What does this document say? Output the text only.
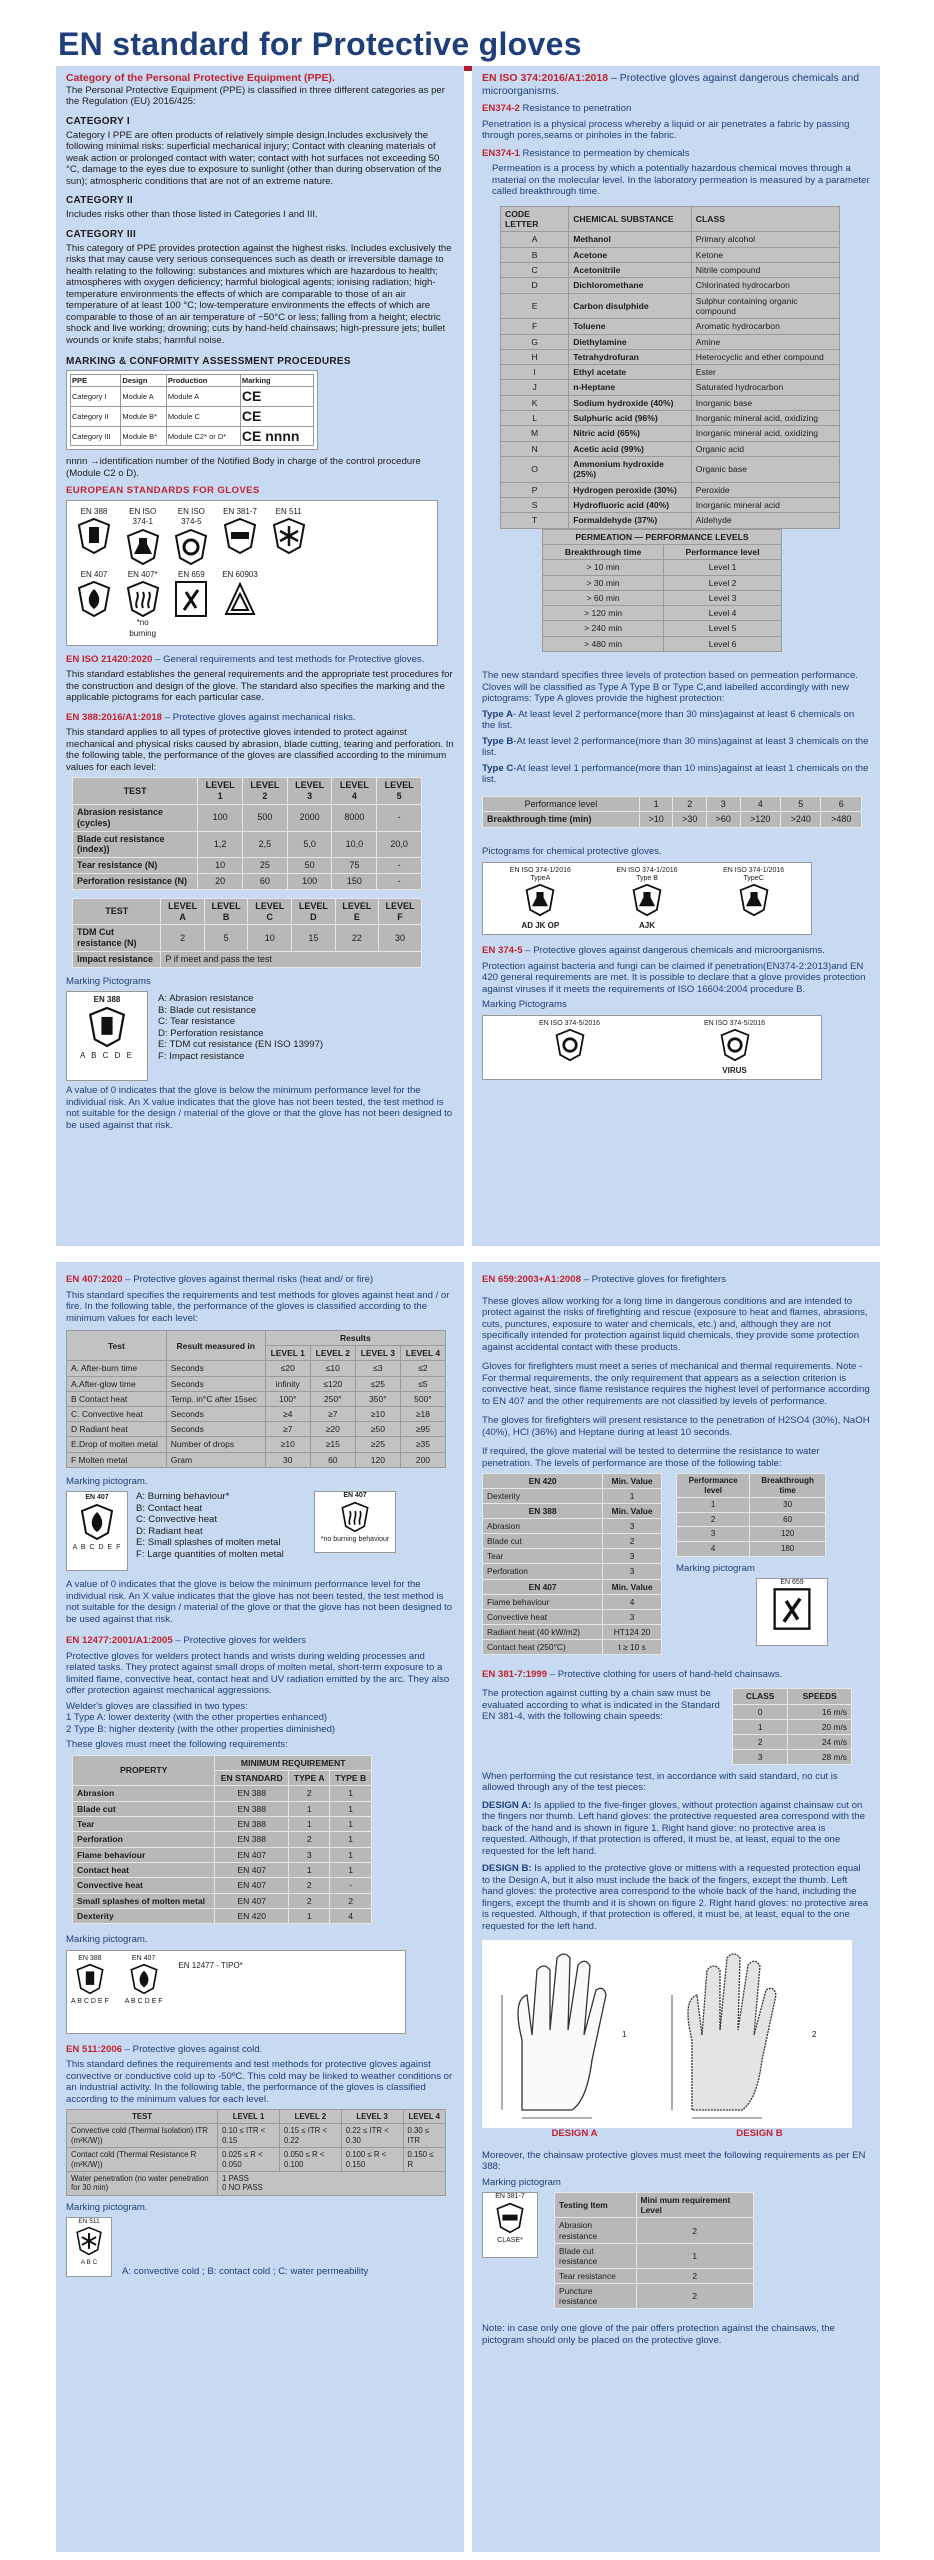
EN standard for Protective gloves
Category of the Personal Protective Equipment (PPE).

The Personal Protective Equipment (PPE) is classified in three different categories as per the Regulation (EU) 2016/425:

CATEGORY I

Category I PPE are often products of relatively simple design.Includes exclusively the following minimal risks: superficial mechanical injury; Contact with cleaning materials of weak action or prolonged contact with water; contact with hot surfaces not exceeding 50 °C, damage to the eyes due to exposure to sunlight (other than during observation of the sun); atmospheric conditions that are not of an extreme nature.

CATEGORY II

Includes risks other than those listed in Categories I and III.

CATEGORY III

This category of PPE provides protection against the highest risks. Includes exclusively the risks that may cause very serious consequences such as death or irreversible damage to health relating to the following: substances and mixtures which are hazardous to health; atmospheres with oxygen deficiency; harmful biological agents; ionising radiation; high-temperature environments the effects of which are comparable to those of an air temperature of at least 100 °C; low-temperature environments the effects of which are comparable to those of an air temperature of −50°C or less; falling from a height; electric shock and live working; drowning; cuts by hand-held chainsaws; high-pressure jets; bullet wounds or knife stabs; harmful noise.

MARKING & CONFORMITY ASSESSMENT PROCEDURES
PPE	Design	Production	Marking
Category I	Module A	Module A	CE
Category II	Module B*	Module C	CE
Category III	Module B*	Module C2* or D*	CE nnnn

nnnn →identification number of the Notified Body in charge of the control procedure (Module C2 o D).

EUROPEAN STANDARDS FOR GLOVES
EN 388	EN ISO 374-1
EN ISO 374-5
EN 381-7 EN 511
EN 407	EN 407*
*no burning EN 659 EN 60903

EN ISO 21420:2020 – General requirements and test methods for Protective gloves.

This standard establishes the general requirements and the appropriate test procedures for the construction and design of the glove. The standard also specifies the marking and the applicable pictograms for each particular case.

EN 388:2016/A1:2018 – Protective gloves against mechanical risks.

This standard applies to all types of protective gloves intended to protect against mechanical and physical risks caused by abrasion, blade cutting, tearing and perforation. In the following table, the performance of the gloves are classified according to the minimum values for each level:

TEST	LEVEL 1	LEVEL 2	LEVEL 3	LEVEL 4	LEVEL 5
Abrasion resistance (cycles)	100	500	2000	8000	-
Blade cut resistance (index))	1,2	2,5	5,0	10,0	20,0
Tear resistance (N)	10	25	50	75	-
Perforation resistance (N)	20	60	100	150	-
TEST	LEVEL A	LEVEL B	LEVEL C	LEVEL D	LEVEL E	LEVEL F
TDM Cut resistance (N)	2	5	10	15	22	30
Impact resistance	P if meet and pass the test					

Marking Pictograms

EN 388
A B C D E
A: Abrasion resistance
B: Blade cut resistance
C: Tear resistance
D: Perforation resistance
E: TDM cut resistance (EN ISO 13997)
F: Impact resistance

A value of 0 indicates that the glove is below the minimum performance level for the individual risk. An X value indicates that the glove has not been tested, the test method is not suitable for the design / material of the glove or that the glove has not been designed to be used against that risk.

EN ISO 374:2016/A1:2018 – Protective gloves against dangerous chemicals and microorganisms.

EN374-2 Resistance to penetration

Penetration is a physical process whereby a liquid or air penetrates a fabric by passing through pores,seams or pinholes in the fabric.

EN374-1 Resistance to permeation by chemicals

Permeation is a process by which a potentially hazardous chemical moves through a material on the molecular level. In the laboratory permeation is measured by a parameter called breakthrough time.

CODE LETTER	CHEMICAL SUBSTANCE	CLASS
A	Methanol	Primary alcohol
B	Acetone	Ketone
C	Acetonitrile	Nitrile compound
D	Dichloromethane	Chlorinated hydrocarbon
E	Carbon disulphide	Sulphur containing organic compound
F	Toluene	Aromatic hydrocarbon
G	Diethylamine	Amine
H	Tetrahydrofuran	Heterocyclic and ether compound
I	Ethyl acetate	Ester
J	n-Heptane	Saturated hydrocarbon
K	Sodium hydroxide (40%)	Inorganic base
L	Sulphuric acid (96%)	Inorganic mineral acid, oxidizing
M	Nitric acid (65%)	Inorganic mineral acid, oxidizing
N	Acetic acid (99%)	Organic acid
O	Ammonium hydroxide (25%)	Organic base
P	Hydrogen peroxide (30%)	Peroxide
S	Hydrofluoric acid (40%)	Inorganic mineral acid
T	Formaldehyde (37%)	Aldehyde
PERMEATION — PERFORMANCE LEVELS	
Breakthrough time	Performance level
> 10 min	Level 1
> 30 min	Level 2
> 60 min	Level 3
> 120 min	Level 4
> 240 min	Level 5
> 480 min	Level 6

The new standard specifies three levels of protection based on permeation performance. Cloves will be classified as Type A Type B or Type C,and labelled accordingly with new pictograms: Type A gloves provide the highest protection:

Type A- At least level 2 performance(more than 30 mins)against at least 6 chemicals on the list.

Type B-At least level 2 performance(more than 30 mins)against at least 3 chemicals on the list.

Type C-At least level 1 performance(more than 10 mins)against at least 1 chemicals on the list.

Performance level	1	2	3	4	5	6
Breakthrough time (min)	>10	>30	>60	>120	>240	>480

Pictograms for chemical protective gloves.

EN ISO 374-1/2016
TypeA
AD JK OP
EN ISO 374-1/2016
Type B
AJK
EN ISO 374-1/2016
TypeC

EN 374-5 – Protective gloves against dangerous chemicals and microorganisms.

Protection against bacteria and fungi can be claimed if penetration(EN374-2:2013)and EN 420 general requirements are met. It is possible to declare that a glove provides protection against viruses if it meets the requirements of ISO 16604:2004 procedure B.

Marking Pictograms

EN ISO 374-5/2016	EN ISO 374-5/2016
VIRUS

EN 407:2020 – Protective gloves against thermal risks (heat and/ or fire)

This standard specifies the requirements and test methods for gloves against heat and / or fire. In the following table, the performance of the gloves is classified according to the minimum values for each level:

Test	Result measured in	Results			
		LEVEL 1	LEVEL 2	LEVEL 3	LEVEL 4
A. After-burn time	Seconds	≤20	≤10	≤3	≤2
A.After-glow time	Seconds	infinity	≤120	≤25	≤5
B Contact heat	Temp. in°C after 15sec	100°	250°	350°	500°
C. Convective heat	Seconds	≥4	≥7	≥10	≥18
D Radiant heat	Seconds	≥7	≥20	≥50	≥95
E.Drop of molten metal	Number of drops	≥10	≥15	≥25	≥35
F Molten metal	Gram	30	60	120	200

Marking pictogram.

EN 407
A B C D E F
A: Burning behaviour*
B: Contact heat
C: Convective heat
D: Radiant heat
E: Small splashes of molten metal
F: Large quantities of molten metal
EN 407
*no burning behaviour

A value of 0 indicates that the glove is below the minimum performance level for the individual risk. An X value indicates that the glove has not been tested, the test method is not suitable for the design / material of the glove or that the glove has not been designed to be used against that risk.

EN 12477:2001/A1:2005 – Protective gloves for welders

Protective gloves for welders protect hands and wrists during welding processes and related tasks. They protect against small drops of molten metal, short-term exposure to a limited flame, convective heat, contact heat and UV radiation emitted by the arc. They also offer protection against mechanical aggressions.

Welder's gloves are classified in two types:

1 Type A: lower dexterity (with the other properties enhanced)

2 Type B: higher dexterity (with the other properties diminished)

These gloves must meet the following requirements:

PROPERTY	MINIMUM REQUIREMENT		
	EN STANDARD	TYPE A	TYPE B
Abrasion	EN 388	2	1
Blade cut	EN 388	1	1
Tear	EN 388	1	1
Perforation	EN 388	2	1
Flame behaviour	EN 407	3	1
Contact heat	EN 407	1	1
Convective heat	EN 407	2	-
Small splashes of molten metal	EN 407	2	2
Dexterity	EN 420	1	4

Marking pictogram.

EN 388
A B C D E F
EN 407
A B C D E F
EN 12477 - TIPO*

EN 511:2006 – Protective gloves against cold.

This standard defines the requirements and test methods for protective gloves against convective or conductive cold up to -50ºC. This cold may be linked to weather conditions or an industrial activity. In the following table, the performance of the gloves is classified according to the minimum values for each level.

TEST	LEVEL 1	LEVEL 2	LEVEL 3	LEVEL 4
Convective cold (Thermal Isolation) ITR (m²K/W))	0.10 ≤ ITR < 0.15	0.15 ≤ ITR < 0.22	0.22 ≤ ITR < 0.30	0.30 ≤ ITR
Contact cold (Thermal Resistance R (m²K/W))	0.025 ≤ R < 0.050	0.050 ≤ R < 0.100	0.100 ≤ R < 0.150	0.150 ≤ R
Water penetration (no water penetration for 30 min)	1 PASS
0 NO PASS			

Marking pictogram.

EN 511
A B C
A: convective cold ; B: contact cold ; C: water permeability

EN 659:2003+A1:2008 – Protective gloves for firefighters

These gloves allow working for a long time in dangerous conditions and are intended to protect against the risks of firefighting and rescue (exposure to heat and flames, abrasions, cuts, punctures, exposure to water and chemicals, etc.) and, although they are not specifically intended for protection against liquid chemicals, they provide some protection against accidental contact with these products.

Gloves for firefighters must meet a series of mechanical and thermal requirements. Note - For thermal requirements, the only requirement that appears as a selection criterion is convective heat, since flame resistance requires the highest level of performance according to EN 407 and the other requirements are not classified by levels of performance.

The gloves for firefighters will present resistance to the penetration of H2SO4 (30%), NaOH (40%), HCl (36%) and Heptane during at least 10 seconds.

If required, the glove material will be tested to determine the resistance to water penetration. The levels of performance are those of the following table:

EN 420	Min. Value
Dexterity	1
EN 388	Min. Value
Abrasion	3
Blade cut	2
Tear	3
Perforation	3
EN 407	Min. Value
Flame behaviour	4
Convective heat	3
Radiant heat (40 kW/m2)	HT124 20
Contact heat (250°C)	t ≥ 10 s
Performance level	Breakthrough time
1	30
2	60
3	120
4	180

Marking pictogram

EN 659

EN 381-7:1999 – Protective clothing for users of hand-held chainsaws.

The protection against cutting by a chain saw must be evaluated according to what is indicated in the Standard EN 381-4, with the following chain speeds:

CLASS	SPEEDS
0	16 m/s
1	20 m/s
2	24 m/s
3	28 m/s

When performing the cut resistance test, in accordance with said standard, no cut is allowed through any of the test pieces:

DESIGN A: Is applied to the five-finger gloves, without protection against chainsaw cut on the fingers nor thumb. Left hand gloves: the protective requested area correspond with the back of the hand and is shown in figure 1. Right hand glove: no protective area is requested. Although, if that protection is offered, it must be, at least, equal to the one requested for the left hand.

DESIGN B: Is applied to the protective glove or mittens with a requested protection equal to the Design A, but it also must include the back of the fingers, except the thumb. Left hand gloves: the protective area correspond to the whole back of the hand, including the fingers, except the thumb and it is shown on figure 2. Right hand gloves: no protective area is requested. Although, if that protection is offered, it must be, at least, equal to the one requested for the left hand.

1	2
DESIGN A	DESIGN B

Moreover, the chainsaw protective gloves must meet the following requirements as per EN 388:

Marking pictogram

EN 381-7
CLASE*
Testing Item	Mini mum requirement Level
Abrasion resistance	2
Blade cut resistance	1
Tear resistance	2
Puncture resistance	2

Note: in case only one glove of the pair offers protection against the chainsaws, the pictogram should only be placed on the protective glove.
